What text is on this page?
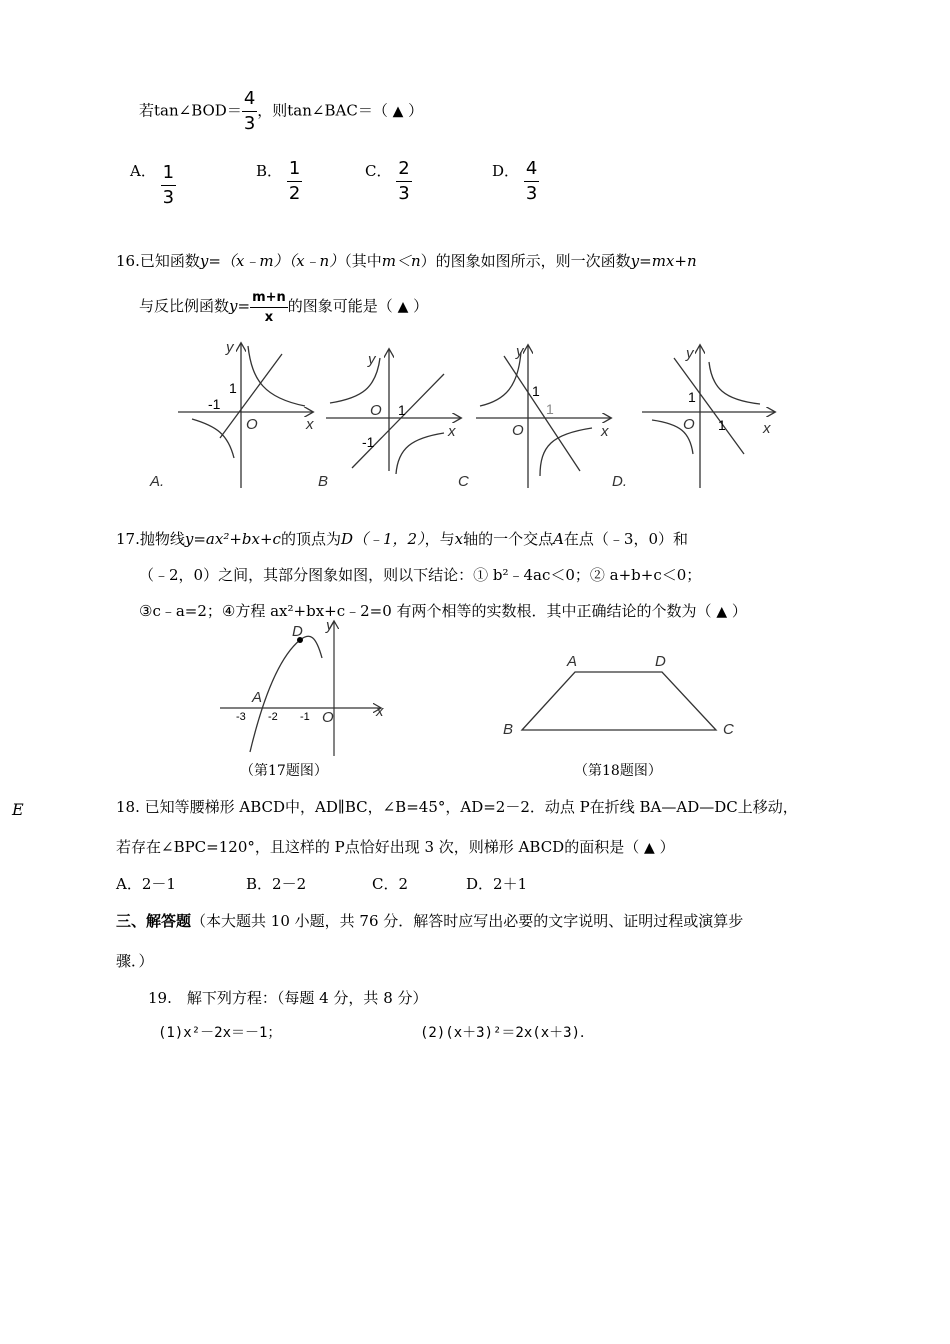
若tan∠BOD＝ $\frac{4}{3}$ ，则tan∠BAC＝（ ▲ ）
A． $\frac{1}{3}$	B． $\frac{1}{2}$	C． $\frac{2}{3}$	D． $\frac{4}{3}$
16.已知函数y=（x﹣m）（x﹣n）（其中m＜n）的图象如图所示，则一次函数y=mx+n
与反比例函数$y= \frac{m+n}{x}$ 的图象可能是（ ▲ ）
y
x
O
1
-1
A.
y
x
O 1
-1
B
y
x
O
1
1
C
y
x
O
1
1
D.
17.抛物线y=ax²+bx+c的顶点为D（﹣1，2），与x轴的一个交点A在点（﹣3，0）和
（﹣2，0）之间，其部分图象如图，则以下结论：① b²﹣4ac＜0；② a+b+c＜0；
③c﹣a=2；④方程 ax²+bx+c﹣2=0 有两个相等的实数根．其中正确结论的个数为（ ▲ ）
D
A
y
x
O
-3 -2 -1
（第17题图）
A	D
B	C
（第18题图）
E	18. 已知等腰梯形 ABCD中，AD∥BC，∠B=45°，AD=2－2．动点 P在折线 BA—AD—DC上移动，
若存在∠BPC=120°，且这样的 P点恰好出现 3 次，则梯形 ABCD的面积是（ ▲ ）
A．2－1	B．2－2	C．2	D．2＋1
三、解答题（本大题共 10 小题，共 76 分．解答时应写出必要的文字说明、证明过程或演算步
骤．）
19.　解下列方程：（每题 4 分，共 8 分）
(1)x²－2x＝－1；	(2)(x＋3)²＝2x(x＋3)．
